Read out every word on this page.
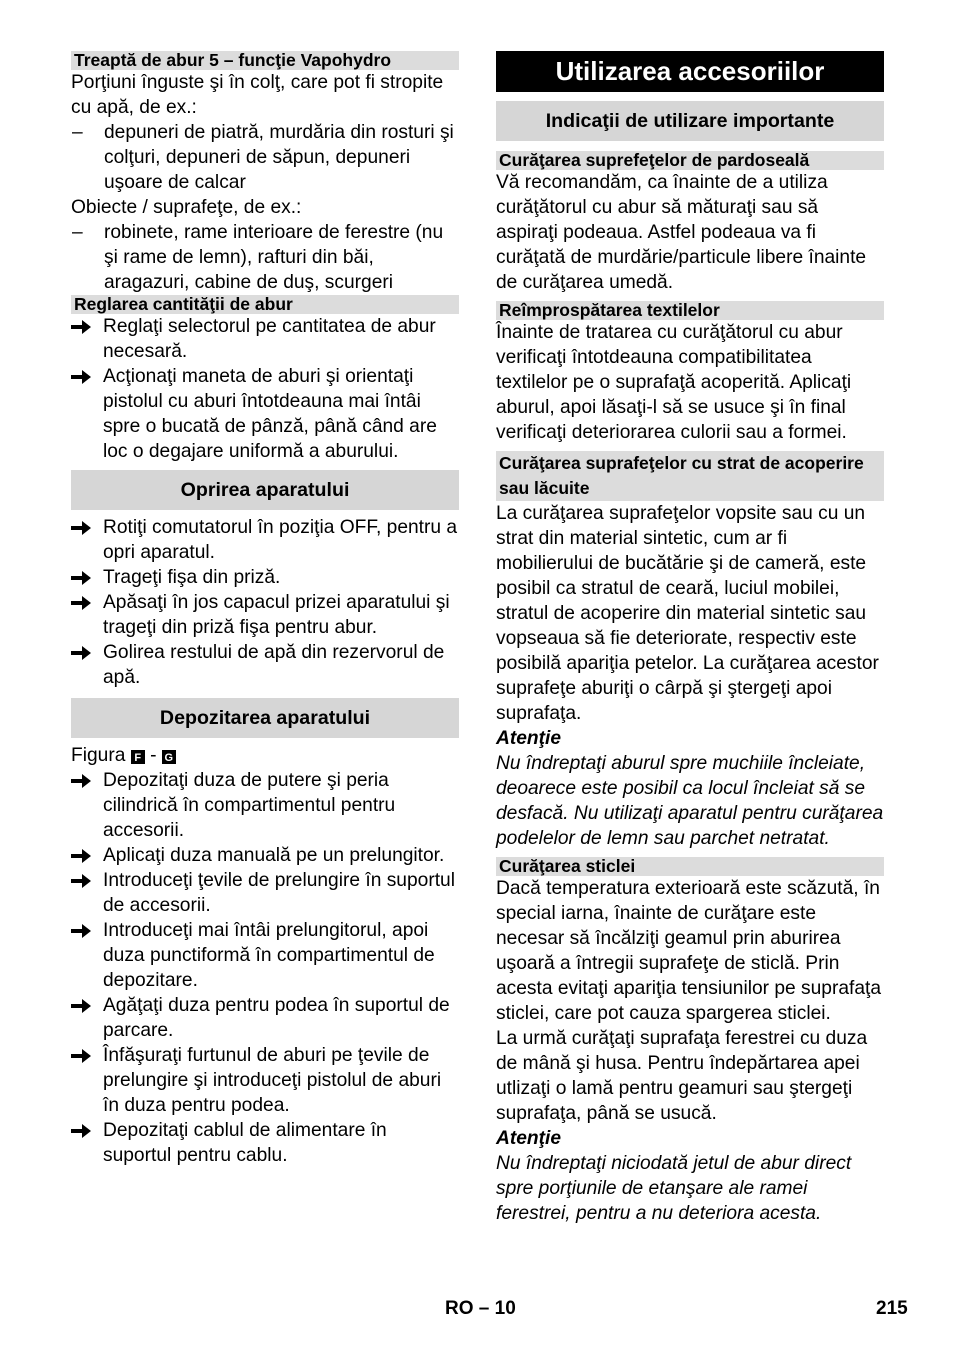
Treaptă de abur 5 – funcţie Vapohydro
Porţiuni înguste şi în colţ, care pot fi stropite cu apă, de ex.:
–	depuneri de piatră, murdăria din rosturi şi colţuri, depuneri de săpun, depuneri uşoare de calcar
Obiecte / suprafeţe, de ex.:
–	robinete, rame interioare de ferestre (nu şi rame de lemn), rafturi din băi, aragazuri, cabine de duş, scurgeri
Reglarea cantităţii de abur
Reglaţi selectorul pe cantitatea de abur necesară.
Acţionaţi maneta de aburi şi orientaţi pistolul cu aburi întotdeauna mai întâi spre o bucată de pânză, până când are loc o degajare uniformă a aburului.
Oprirea aparatului
Rotiţi comutatorul în poziţia OFF, pentru a opri aparatul.
Trageţi fişa din priză.
Apăsaţi în jos capacul prizei aparatului şi trageţi din priză fişa pentru abur.
Golirea restului de apă din rezervorul de apă.
Depozitarea aparatului
Figura F - G
Depozitaţi duza de putere şi peria cilindrică în compartimentul pentru accesorii.
Aplicaţi duza manuală pe un prelungitor.
Introduceţi ţevile de prelungire în suportul de accesorii.
Introduceţi mai întâi prelungitorul, apoi duza punctiformă în compartimentul de depozitare.
Agăţaţi duza pentru podea în suportul de parcare.
Înfăşuraţi furtunul de aburi pe ţevile de prelungire şi introduceţi pistolul de aburi în duza pentru podea.
Depozitaţi cablul de alimentare în suportul pentru cablu.
Utilizarea accesoriilor
Indicaţii de utilizare importante
Curăţarea suprefeţelor de pardoseală
Vă recomandăm, ca înainte de a utiliza curăţătorul cu abur să măturaţi sau să aspiraţi podeaua. Astfel podeaua va fi curăţată de murdărie/particule libere înainte de curăţarea umedă.
Reîmprospătarea textilelor
Înainte de tratarea cu curăţătorul cu abur verificaţi întotdeauna compatibilitatea textilelor pe o suprafaţă acoperită. Aplicaţi aburul, apoi lăsaţi-l să se usuce şi în final verificaţi deteriorarea culorii sau a formei.
Curăţarea suprafeţelor cu strat de acoperire sau lăcuite
La curăţarea suprafeţelor vopsite sau cu un strat din material sintetic, cum ar fi mobilierului de bucătărie şi de cameră, este posibil ca stratul de ceară, luciul mobilei, stratul de acoperire din material sintetic sau vopseaua să fie deteriorate, respectiv este posibilă apariţia petelor. La curăţarea acestor suprafeţe aburiţi o cârpă şi ştergeţi apoi suprafaţa.
Atenţie
Nu îndreptaţi aburul spre muchiile încleiate, deoarece este posibil ca locul încleiat să se desfacă. Nu utilizaţi aparatul pentru curăţarea podelelor de lemn sau parchet netratat.
Curăţarea sticlei
Dacă temperatura exterioară este scăzută, în special iarna, înainte de curăţare este necesar să încălziţi geamul prin aburirea uşoară a întregii suprafeţe de sticlă. Prin acesta evitaţi apariţia tensiunilor pe suprafaţa sticlei, care pot cauza spargerea sticlei.
La urmă curăţaţi suprafaţa ferestrei cu duza de mână şi husa. Pentru îndepărtarea apei utlizaţi o lamă pentru geamuri sau ştergeţi suprafaţa, până se usucă.
Atenţie
Nu îndreptaţi niciodată jetul de abur direct spre porţiunile de etanşare ale ramei ferestrei, pentru a nu deteriora acesta.
RO – 10	215
